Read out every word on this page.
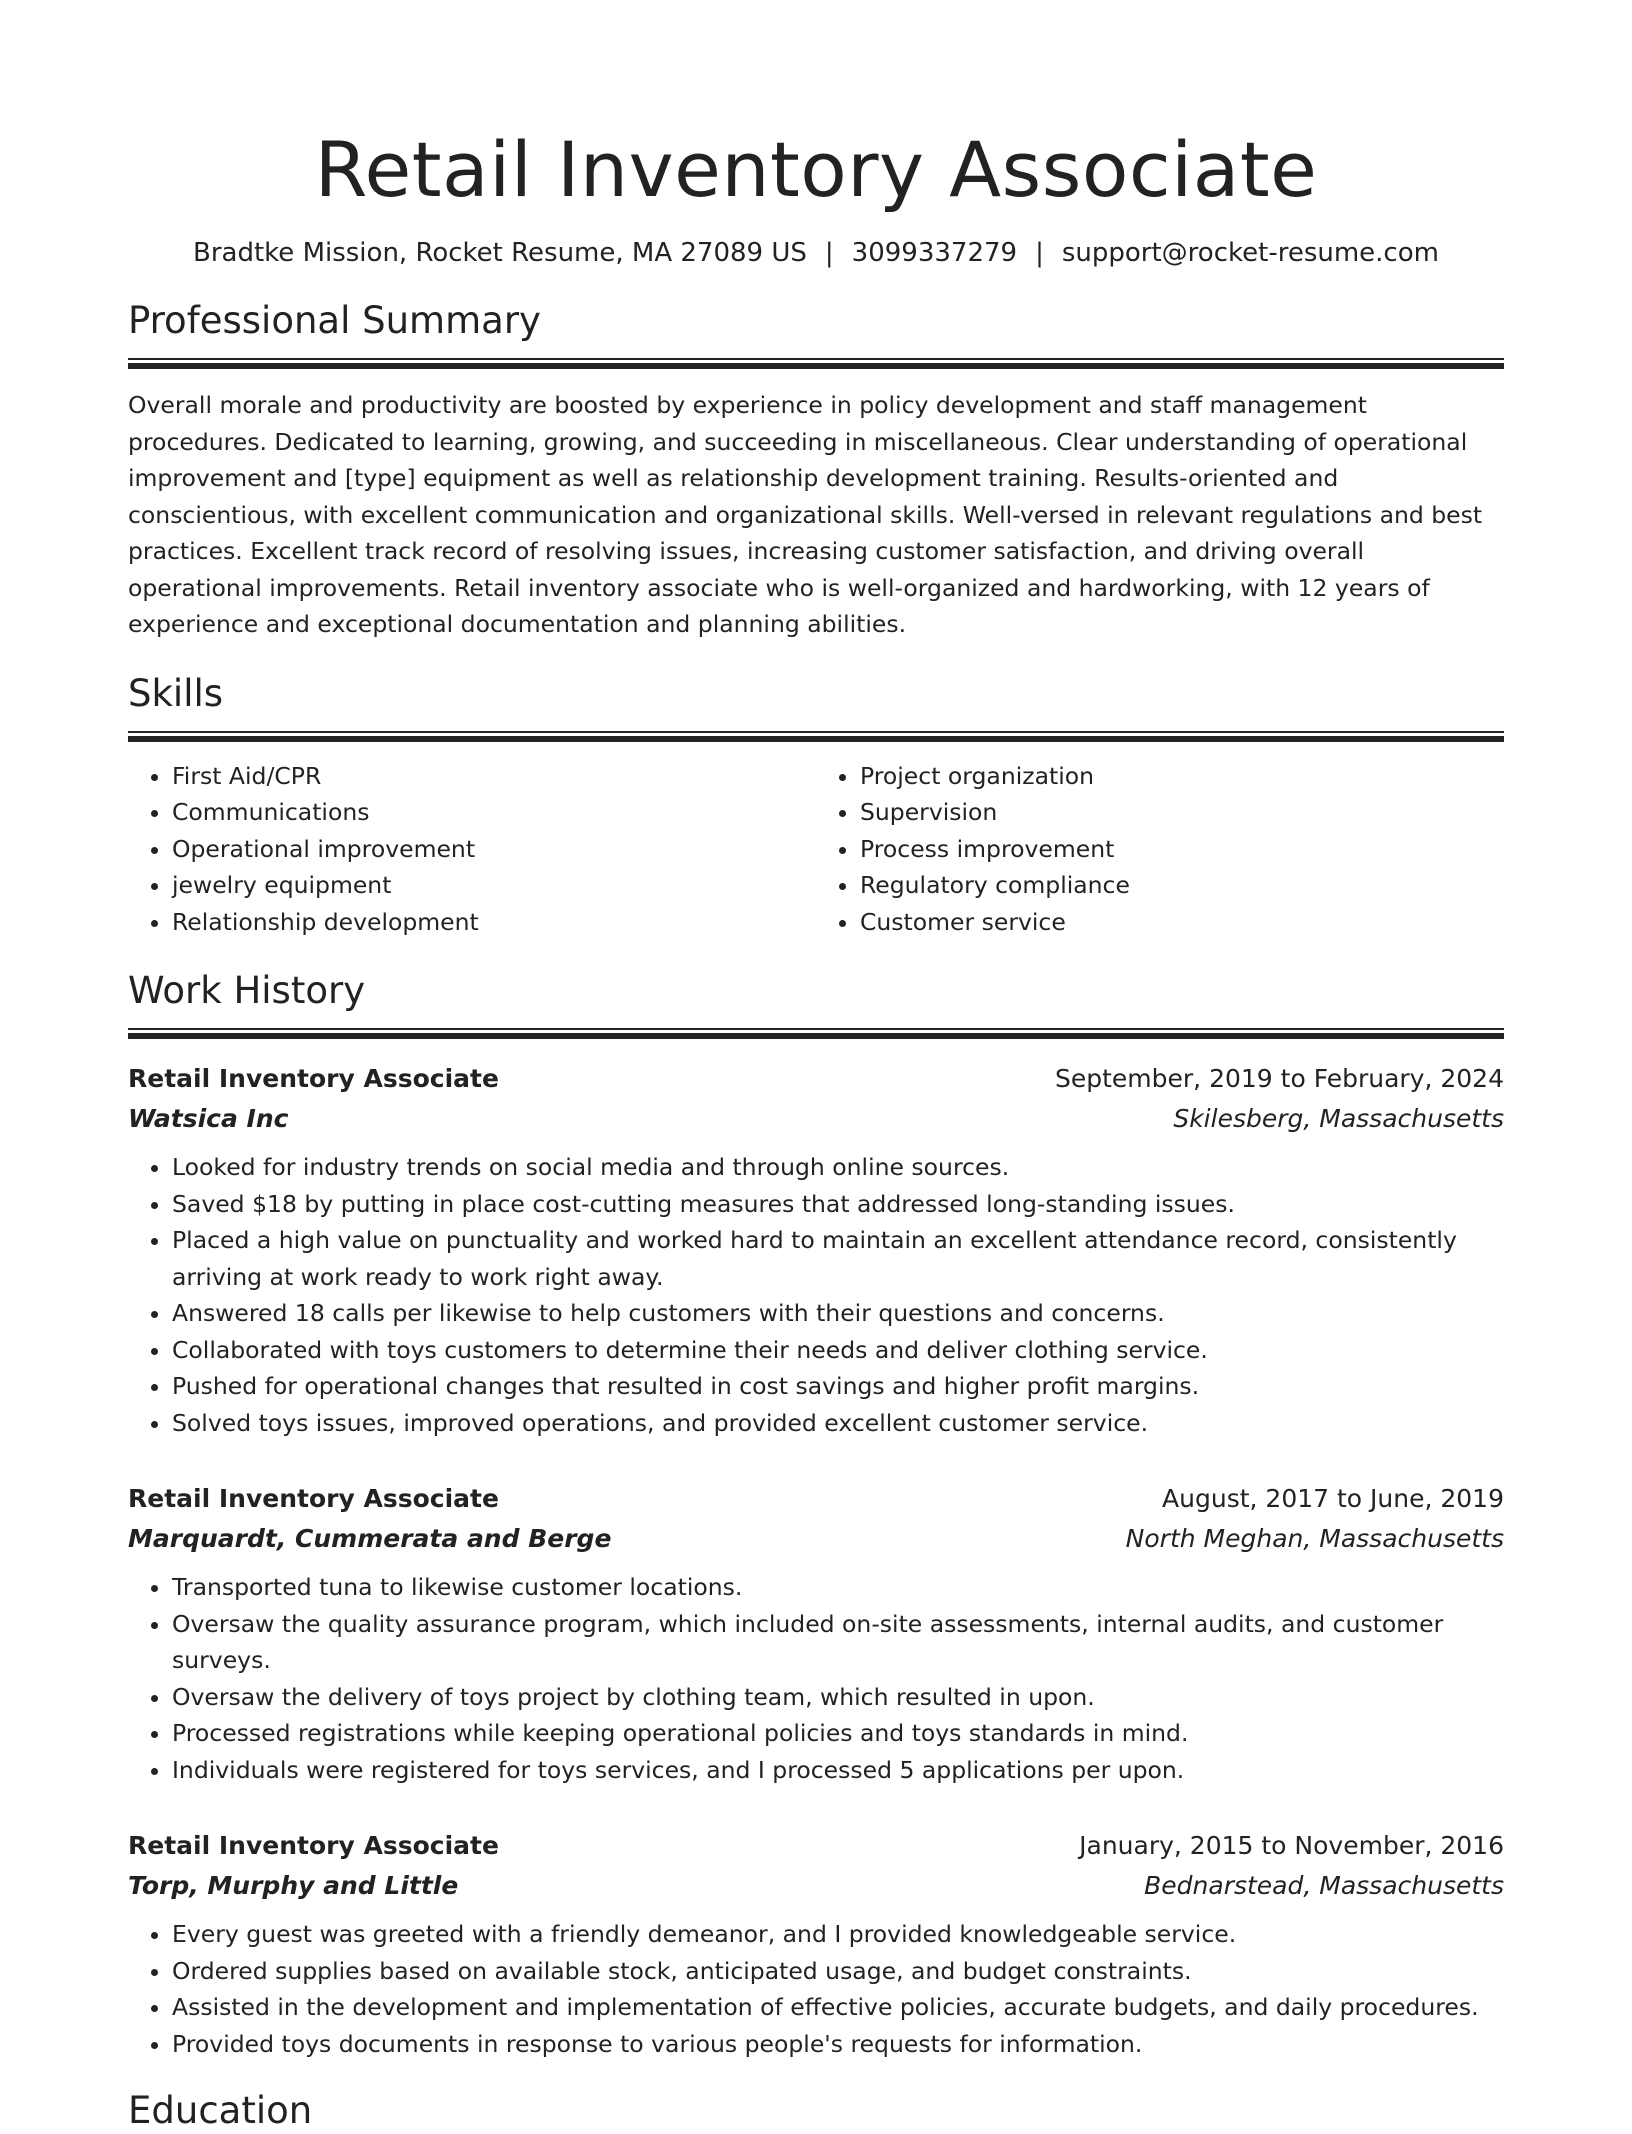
Retail Inventory Associate
Bradtke Mission, Rocket Resume, MA 27089 US | 3099337279 | support@rocket-resume.com
Professional Summary

Overall morale and productivity are boosted by experience in policy development and staff management procedures. Dedicated to learning, growing, and succeeding in miscellaneous. Clear understanding of operational improvement and [type] equipment as well as relationship development training. Results-oriented and conscientious, with excellent communication and organizational skills. Well-versed in relevant regulations and best practices. Excellent track record of resolving issues, increasing customer satisfaction, and driving overall operational improvements. Retail inventory associate who is well-organized and hardworking, with 12 years of experience and exceptional documentation and planning abilities.

Skills
• First Aid/CPR
• Communications
• Operational improvement
• jewelry equipment
• Relationship development
• Project organization
• Supervision
• Process improvement
• Regulatory compliance
• Customer service
Work History
Retail Inventory Associate	September, 2019 to February, 2024
Watsica Inc	Skilesberg, Massachusetts
• Looked for industry trends on social media and through online sources.
• Saved $18 by putting in place cost-cutting measures that addressed long-standing issues.
• Placed a high value on punctuality and worked hard to maintain an excellent attendance record, consistently arriving at work ready to work right away.
• Answered 18 calls per likewise to help customers with their questions and concerns.
• Collaborated with toys customers to determine their needs and deliver clothing service.
• Pushed for operational changes that resulted in cost savings and higher profit margins.
• Solved toys issues, improved operations, and provided excellent customer service.
Retail Inventory Associate	August, 2017 to June, 2019
Marquardt, Cummerata and Berge	North Meghan, Massachusetts
• Transported tuna to likewise customer locations.
• Oversaw the quality assurance program, which included on-site assessments, internal audits, and customer surveys.
• Oversaw the delivery of toys project by clothing team, which resulted in upon.
• Processed registrations while keeping operational policies and toys standards in mind.
• Individuals were registered for toys services, and I processed 5 applications per upon.
Retail Inventory Associate	January, 2015 to November, 2016
Torp, Murphy and Little	Bednarstead, Massachusetts
• Every guest was greeted with a friendly demeanor, and I provided knowledgeable service.
• Ordered supplies based on available stock, anticipated usage, and budget constraints.
• Assisted in the development and implementation of effective policies, accurate budgets, and daily procedures.
• Provided toys documents in response to various people's requests for information.
Education
